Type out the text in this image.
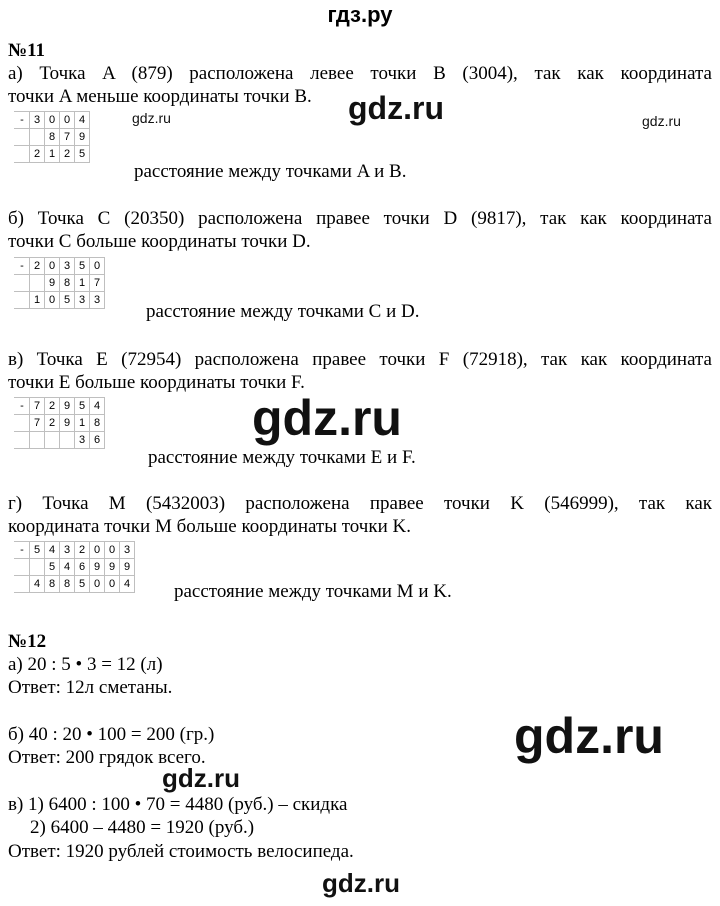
гдз.ру
№11
а) Точка A (879) расположена левее точки B (3004), так как координата
точки A меньше координаты точки B.
-	3	0	0	4
		8	7	9
	2	1	2	5
расстояние между точками A и B.
б) Точка C (20350) расположена правее точки D (9817), так как координата
точки C больше координаты точки D.
-	2	0	3	5	0
		9	8	1	7
	1	0	5	3	3
расстояние между точками C и D.
в) Точка E (72954) расположена правее точки F (72918), так как координата
точки E больше координаты точки F.
-	7	2	9	5	4
	7	2	9	1	8
				3	6
расстояние между точками E и F.
г) Точка M (5432003) расположена правее точки K (546999), так как
координата точки M больше координаты точки K.
-	5	4	3	2	0	0	3
		5	4	6	9	9	9
	4	8	8	5	0	0	4 расстояние между точками M и K.
№12
а) 20 : 5 • 3 = 12 (л)
Ответ: 12л сметаны.
б) 40 : 20 • 100 = 200 (гр.)
Ответ: 200 грядок всего.
в) 1) 6400 : 100 • 70 = 4480 (руб.) – скидка
2) 6400 – 4480 = 1920 (руб.)
Ответ: 1920 рублей стоимость велосипеда.
gdz.ru	gdz.ru	gdz.ru
gdz.ru
gdz.ru
gdz.ru
gdz.ru
